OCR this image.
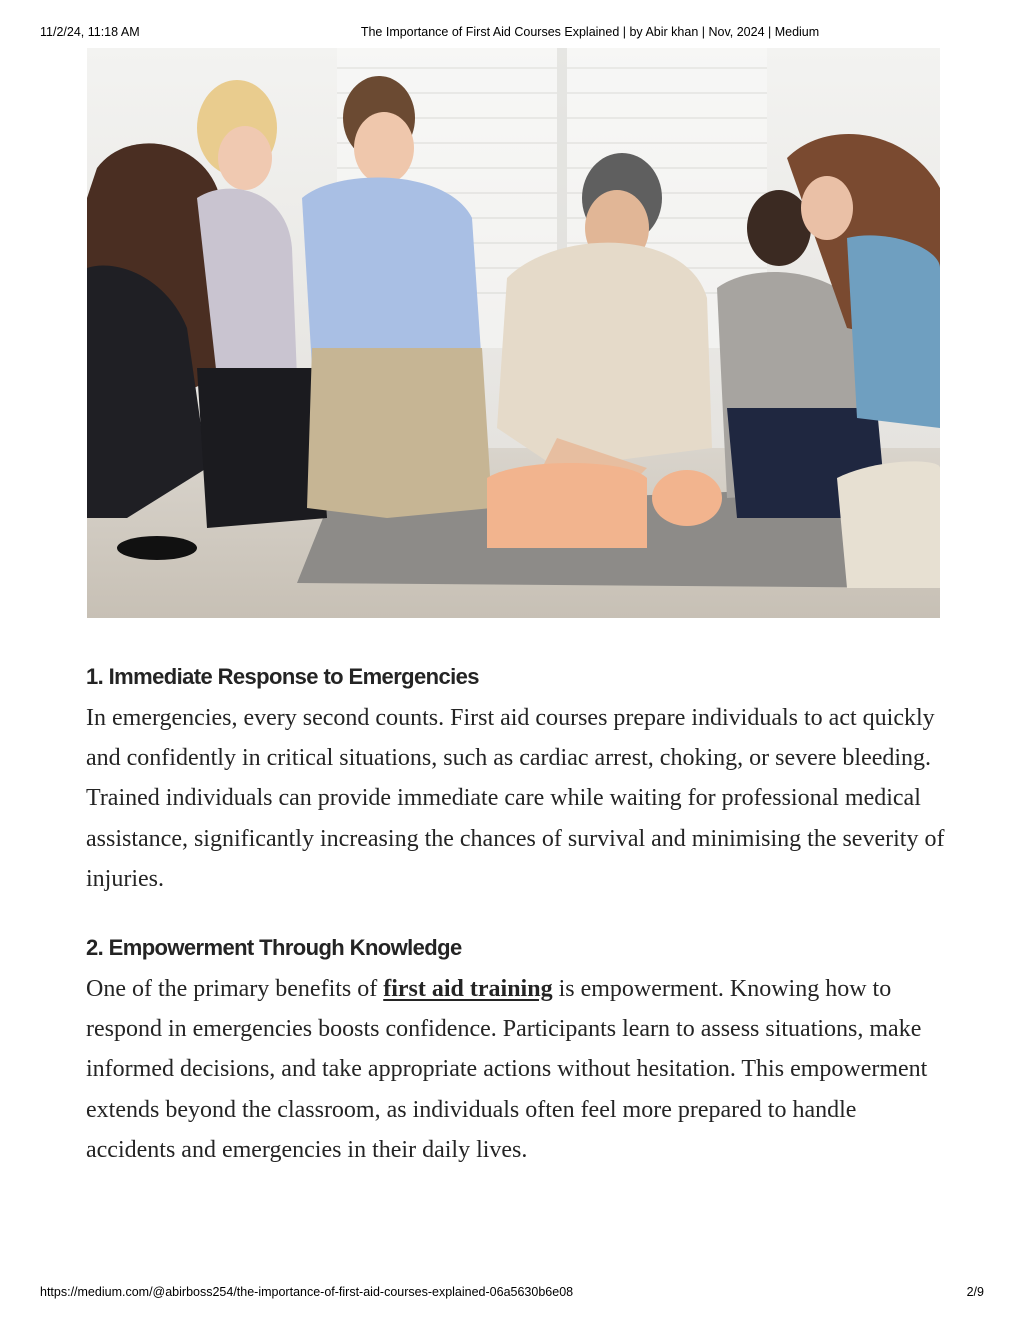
11/2/24, 11:18 AM	The Importance of First Aid Courses Explained | by Abir khan | Nov, 2024 | Medium
1. Immediate Response to Emergencies

In emergencies, every second counts. First aid courses prepare individuals to act quickly and confidently in critical situations, such as cardiac arrest, choking, or severe bleeding. Trained individuals can provide immediate care while waiting for professional medical assistance, significantly increasing the chances of survival and minimising the severity of injuries.

2. Empowerment Through Knowledge

One of the primary benefits of first aid training is empowerment. Knowing how to respond in emergencies boosts confidence. Participants learn to assess situations, make informed decisions, and take appropriate actions without hesitation. This empowerment extends beyond the classroom, as individuals often feel more prepared to handle accidents and emergencies in their daily lives.

https://medium.com/@abirboss254/the-importance-of-first-aid-courses-explained-06a5630b6e08	2/9
